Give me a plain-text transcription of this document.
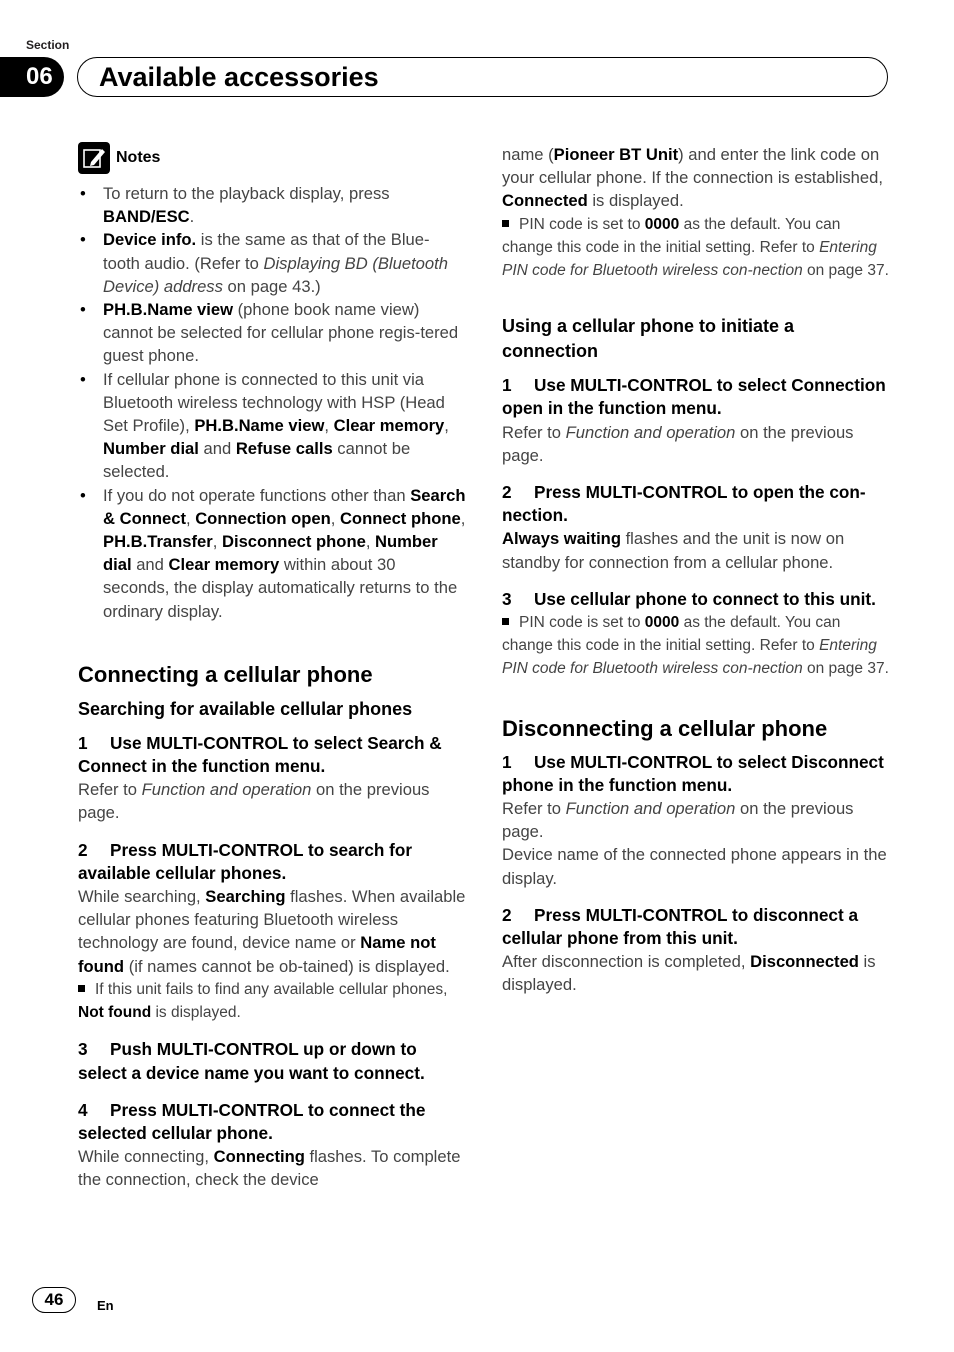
Section
06	Available accessories
Notes
• To return to the playback display, press BAND/ESC.
• Device info. is the same as that of the Blue-tooth audio. (Refer to Displaying BD (Bluetooth Device) address on page 43.)
• PH.B.Name view (phone book name view) cannot be selected for cellular phone regis-tered guest phone.
• If cellular phone is connected to this unit via Bluetooth wireless technology with HSP (Head Set Profile), PH.B.Name view, Clear memory, Number dial and Refuse calls cannot be selected.
• If you do not operate functions other than Search & Connect, Connection open, Connect phone, PH.B.Transfer, Disconnect phone, Number dial and Clear memory within about 30 seconds, the display automatically returns to the ordinary display.
Connecting a cellular phone
Searching for available cellular phones
1 Use MULTI-CONTROL to select Search & Connect in the function menu.
Refer to Function and operation on the previous page.
2 Press MULTI-CONTROL to search for available cellular phones.
While searching, Searching flashes. When available cellular phones featuring Bluetooth wireless technology are found, device name or Name not found (if names cannot be ob-tained) is displayed.
If this unit fails to find any available cellular phones, Not found is displayed.
3 Push MULTI-CONTROL up or down to select a device name you want to connect.
4 Press MULTI-CONTROL to connect the selected cellular phone.
While connecting, Connecting flashes. To complete the connection, check the device
name (Pioneer BT Unit) and enter the link code on your cellular phone. If the connection is established, Connected is displayed.
PIN code is set to 0000 as the default. You can change this code in the initial setting. Refer to Entering PIN code for Bluetooth wireless con-nection on page 37.
Using a cellular phone to initiate a connection
1 Use MULTI-CONTROL to select Connection open in the function menu.
Refer to Function and operation on the previous page.
2 Press MULTI-CONTROL to open the con-nection.
Always waiting flashes and the unit is now on standby for connection from a cellular phone.
3 Use cellular phone to connect to this unit.
PIN code is set to 0000 as the default. You can change this code in the initial setting. Refer to Entering PIN code for Bluetooth wireless con-nection on page 37.
Disconnecting a cellular phone
1 Use MULTI-CONTROL to select Disconnect phone in the function menu.
Refer to Function and operation on the previous page.
Device name of the connected phone appears in the display.
2 Press MULTI-CONTROL to disconnect a cellular phone from this unit.
After disconnection is completed, Disconnected is displayed.
46	En
